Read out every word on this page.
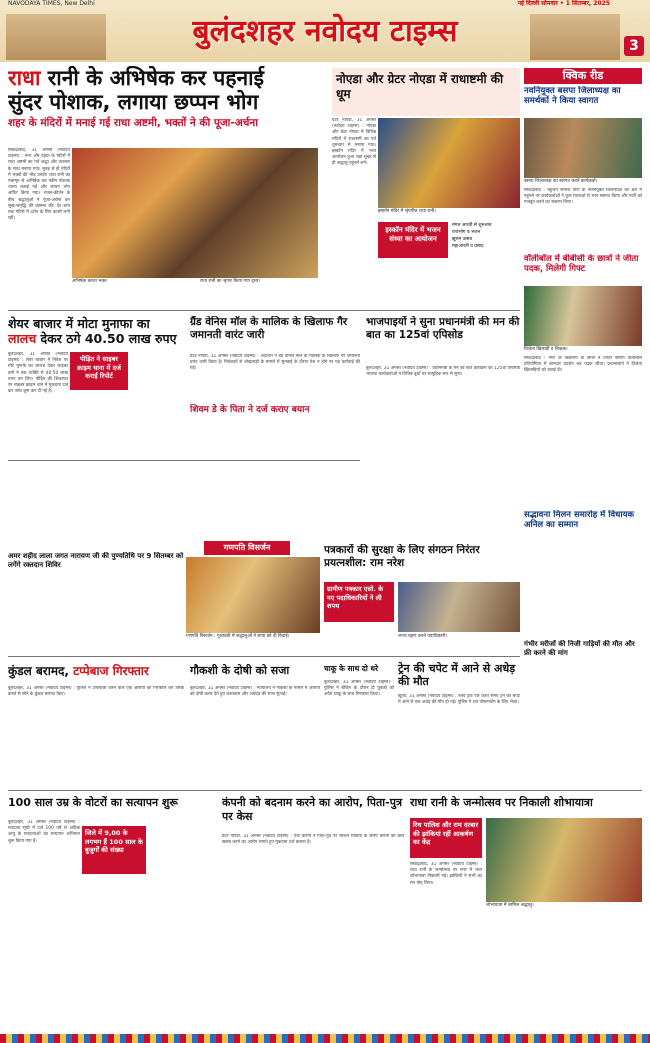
NAVODAYA TIMES, New Delhi	नई दिल्ली सोमवार • 1 सितम्बर, 2025
बुलंदशहर नवोदय टाइम्स	3
राधा रानी के अभिषेक कर पहनाई
सुंदर पोशाक, लगाया छप्पन भोग
शहर के मंदिरों में मनाई गई राधा अष्टमी, भक्तों ने की पूजा-अर्चना
सिकंद्राबाद, 31 अगस्त (नवोदय टाइम्स) : नगर और देहात के मंदिरों में राधा अष्टमी का पर्व श्रद्धा और उल्लास के साथ मनाया गया। सुबह से ही मंदिरों में भक्तों की भीड़ उमड़ी। राधा रानी का पंचामृत से अभिषेक कर नवीन पोशाक धारण कराई गई और छप्पन भोग अर्पित किया गया। भजन-कीर्तन के बीच श्रद्धालुओं ने पूजा-अर्चना कर सुख-समृद्धि की कामना की। देर शाम तक मंदिरों में दर्शन के लिए कतारें लगी रहीं।
अभिषेक करता भक्त	राधा रानी का श्रृंगार किया गया दृश्य।
नोएडा और ग्रेटर नोएडा में राधाष्टमी की धूम
ग्रेटर नोएडा, 31 अगस्त (नवोदय टाइम्स) : नोएडा और ग्रेटर नोएडा में विभिन्न मंदिरों में राधाष्टमी का पर्व धूमधाम से मनाया गया। इस्कॉन मंदिर में भव्य आयोजन हुआ जहां सुबह से ही श्रद्धालु पहुंचने लगे।
इस्कॉन मंदिर में श्रृंगारित राधा रानी।
इस्कॉन मंदिर में भजन संध्या का आयोजन
मंगल आरती से शुरुआत
राजभोग व भजन
झूलन उत्सव
महाआरती व प्रसाद
क्विक रीड
नवनियुक्त बसपा जिलाध्यक्ष का समर्थकों ने किया स्वागत
बसपा जिलाध्यक्ष का स्वागत करते कार्यकर्ता।
सिकंद्राबाद : बहुजन समाज पार्टी के नवनियुक्त जिलाध्यक्ष का क्षेत्र में पहुंचने पर कार्यकर्ताओं ने फूल मालाओं से भव्य स्वागत किया और पार्टी को मजबूत करने का संकल्प लिया।
वॉलीबॉल में बीबीसी के छात्रों ने जीता पदक, मिलेगी गिफ्ट
विजेता खिलाड़ी व शिक्षक।
सिकंद्राबाद : नगर के विद्यालय के छात्रों ने जिला स्तरीय वॉलीबॉल प्रतियोगिता में शानदार प्रदर्शन कर पदक जीता। प्रधानाचार्य ने विजेता खिलाड़ियों को बधाई दी।
सद्भावना मिलन समारोह में विधायक अनिल का सम्मान
गंभीर मरीजों की निजी गाड़ियों की मौत और फ्री करने की मांग
शेयर बाजार में मोटा मुनाफा का
लालच देकर ठगे 40.50 लाख रुपए
पीड़ित ने साइबर क्राइम थाना में दर्ज कराई रिपोर्ट
बुलंदशहर, 31 अगस्त (नवोदय टाइम्स) : शेयर बाजार में निवेश पर मोटे मुनाफे का लालच देकर साइबर ठगों ने एक व्यक्ति से 40.50 लाख रुपए ठग लिए। पीड़ित की शिकायत पर साइबर क्राइम थाने में मुकदमा दर्ज कर जांच शुरू कर दी गई है।
ग्रैंड वेनिस मॉल के मालिक के खिलाफ गैर जमानती वारंट जारी
ग्रेटर नोएडा, 31 अगस्त (नवोदय टाइम्स) : अदालत ने ग्रैंड वेनिस मॉल के मालिक के खिलाफ गैर जमानती वारंट जारी किया है। निवेशकों से धोखाधड़ी के मामले में सुनवाई के दौरान पेश न होने पर यह कार्रवाई की गई।
शिवम डे के पिता ने दर्ज कराए बयान
भाजपाइयों ने सुना प्रधानमंत्री की मन की बात का 125वां एपिसोड
बुलंदशहर, 31 अगस्त (नवोदय टाइम्स) : प्रधानमंत्री के मन की बात कार्यक्रम का 125वां एपिसोड भाजपा कार्यकर्ताओं ने विभिन्न बूथों पर सामूहिक रूप से सुना।
अमर शहीद लाला जगत नारायण जी की पुण्यतिथि पर 9 सितम्बर को लगेंगे रक्तदान शिविर
गणपति विसर्जन
गणपति विसर्जन : गुलावठी में श्रद्धालुओं ने बप्पा को दी विदाई।
पत्रकारों की सुरक्षा के लिए संगठन निरंतर प्रयत्नशील: राम नरेश
ग्रामीण पत्रकार एसो. के नए पदाधिकारियों ने ली शपथ
शपथ ग्रहण करते पदाधिकारी।
कुंडल बरामद, टप्पेबाज गिरफ्तार
बुलंदशहर, 31 अगस्त (नवोदय टाइम्स) : पुलिस ने टप्पेबाजी करने वाले एक आरोपी को गिरफ्तार कर उसके कब्जे से सोने के कुंडल बरामद किए।
गौकशी के दोषी को सजा
बुलंदशहर, 31 अगस्त (नवोदय टाइम्स) : न्यायालय ने गौकशी के मामले में आरोपी को दोषी करार देते हुए कारावास और अर्थदंड की सजा सुनाई।
चाकू के साथ दो धरे
बुलंदशहर, 31 अगस्त (नवोदय टाइम्स) : पुलिस ने चेकिंग के दौरान दो युवकों को अवैध चाकू के साथ गिरफ्तार किया।
ट्रेन की चपेट में आने से अधेड़ की मौत
खुर्जा, 31 अगस्त (नवोदय टाइम्स) : रेलवे ट्रैक पार करते समय ट्रेन की चपेट में आने से एक अधेड़ की मौत हो गई। पुलिस ने शव पोस्टमार्टम के लिए भेजा।
100 साल उम्र के वोटरों का सत्यापन शुरू
जिले में 9,00 के लगभग हैं 100 साल के बुजुर्गों की संख्या
बुलंदशहर, 31 अगस्त (नवोदय टाइम्स) : मतदाता सूची में दर्ज 100 वर्ष से अधिक आयु के मतदाताओं का सत्यापन अभियान शुरू किया गया है।
कंपनी को बदनाम करने का आरोप, पिता-पुत्र पर केस
ग्रेटर नोएडा, 31 अगस्त (नवोदय टाइम्स) : एक कंपनी ने पिता-पुत्र पर सोशल मीडिया के जरिए कंपनी की छवि खराब करने का आरोप लगाते हुए मुकदमा दर्ज कराया है।
राधा रानी के जन्मोत्सव पर निकाली शोभायात्रा
रिथ पालिश और राम दरबार की झांकियां रहीं आकर्षण का केंद्र
शोभायात्रा में शामिल श्रद्धालु।
सिकंद्राबाद, 31 अगस्त (नवोदय टाइम्स) : राधा रानी के जन्मोत्सव पर नगर में भव्य शोभायात्रा निकाली गई। झांकियों ने सभी का मन मोह लिया।
